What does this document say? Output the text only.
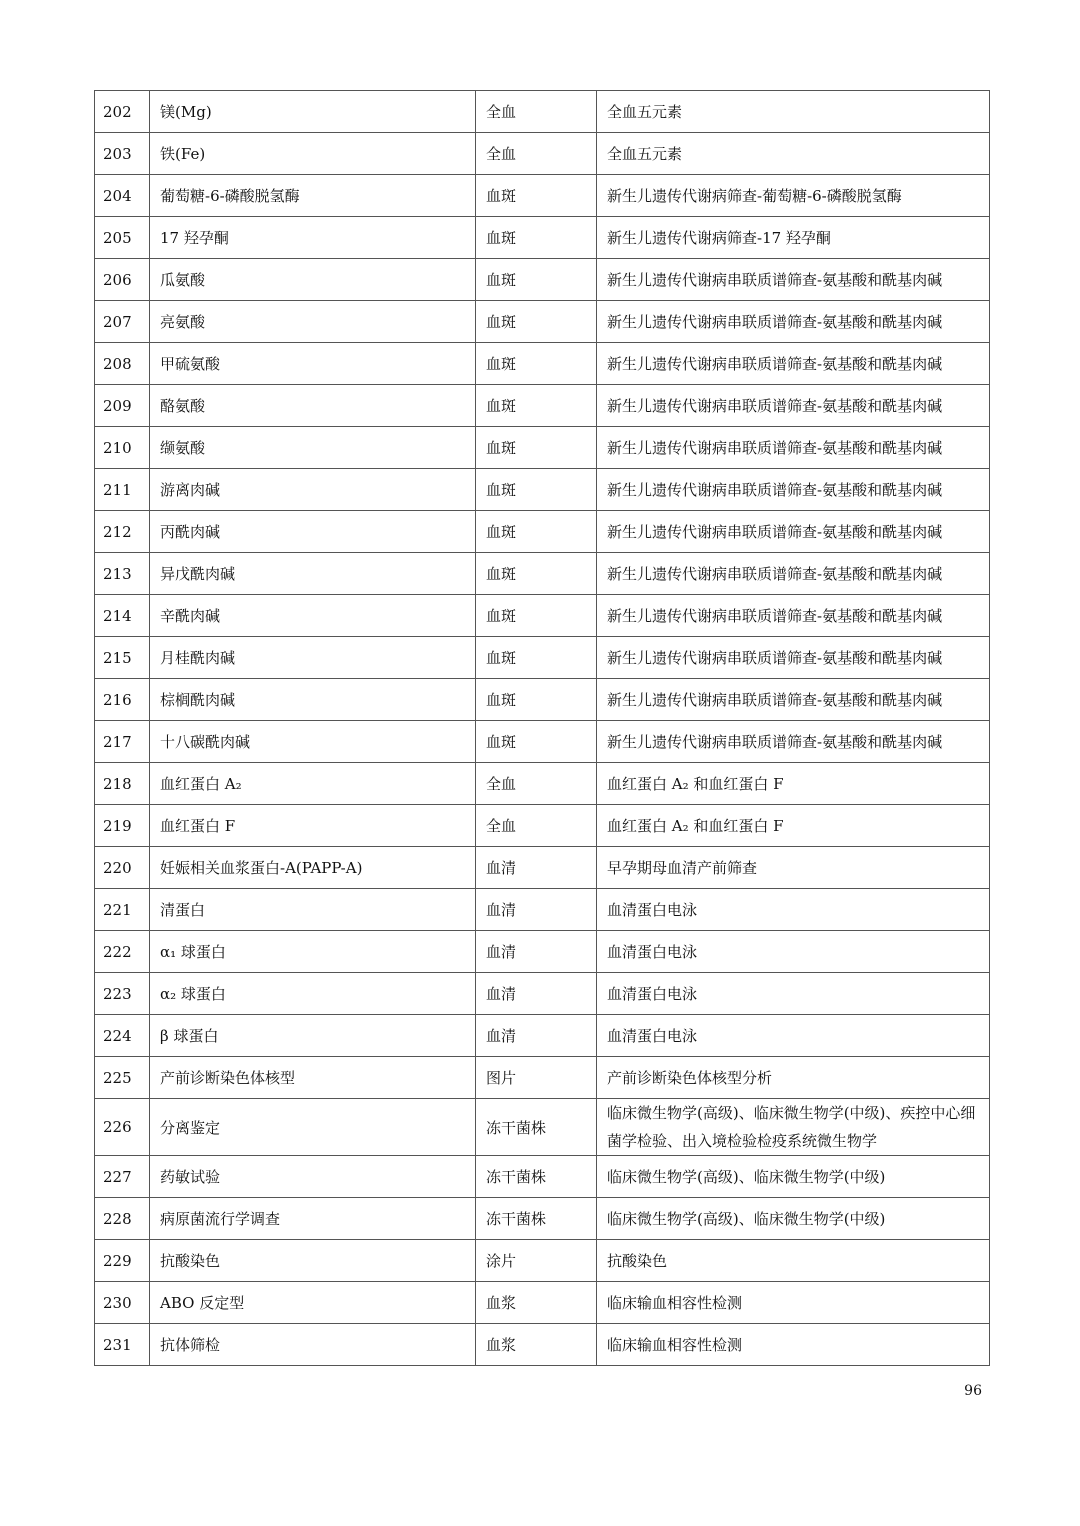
202	镁(Mg)	全血	全血五元素
203	铁(Fe)	全血	全血五元素
204	葡萄糖-6-磷酸脱氢酶	血斑	新生儿遗传代谢病筛查-葡萄糖-6-磷酸脱氢酶
205	17 羟孕酮	血斑	新生儿遗传代谢病筛查-17 羟孕酮
206	瓜氨酸	血斑	新生儿遗传代谢病串联质谱筛查-氨基酸和酰基肉碱
207	亮氨酸	血斑	新生儿遗传代谢病串联质谱筛查-氨基酸和酰基肉碱
208	甲硫氨酸	血斑	新生儿遗传代谢病串联质谱筛查-氨基酸和酰基肉碱
209	酪氨酸	血斑	新生儿遗传代谢病串联质谱筛查-氨基酸和酰基肉碱
210	缬氨酸	血斑	新生儿遗传代谢病串联质谱筛查-氨基酸和酰基肉碱
211	游离肉碱	血斑	新生儿遗传代谢病串联质谱筛查-氨基酸和酰基肉碱
212	丙酰肉碱	血斑	新生儿遗传代谢病串联质谱筛查-氨基酸和酰基肉碱
213	异戊酰肉碱	血斑	新生儿遗传代谢病串联质谱筛查-氨基酸和酰基肉碱
214	辛酰肉碱	血斑	新生儿遗传代谢病串联质谱筛查-氨基酸和酰基肉碱
215	月桂酰肉碱	血斑	新生儿遗传代谢病串联质谱筛查-氨基酸和酰基肉碱
216	棕榈酰肉碱	血斑	新生儿遗传代谢病串联质谱筛查-氨基酸和酰基肉碱
217	十八碳酰肉碱	血斑	新生儿遗传代谢病串联质谱筛查-氨基酸和酰基肉碱
218	血红蛋白 A₂	全血	血红蛋白 A₂ 和血红蛋白 F
219	血红蛋白 F	全血	血红蛋白 A₂ 和血红蛋白 F
220	妊娠相关血浆蛋白-A(PAPP-A)	血清	早孕期母血清产前筛查
221	清蛋白	血清	血清蛋白电泳
222	α₁ 球蛋白	血清	血清蛋白电泳
223	α₂ 球蛋白	血清	血清蛋白电泳
224	β 球蛋白	血清	血清蛋白电泳
225	产前诊断染色体核型	图片	产前诊断染色体核型分析
226	分离鉴定	冻干菌株	临床微生物学(高级)、临床微生物学(中级)、疾控中心细菌学检验、出入境检验检疫系统微生物学
227	药敏试验	冻干菌株	临床微生物学(高级)、临床微生物学(中级)
228	病原菌流行学调查	冻干菌株	临床微生物学(高级)、临床微生物学(中级)
229	抗酸染色	涂片	抗酸染色
230	ABO 反定型	血浆	临床输血相容性检测
231	抗体筛检	血浆	临床输血相容性检测
96
